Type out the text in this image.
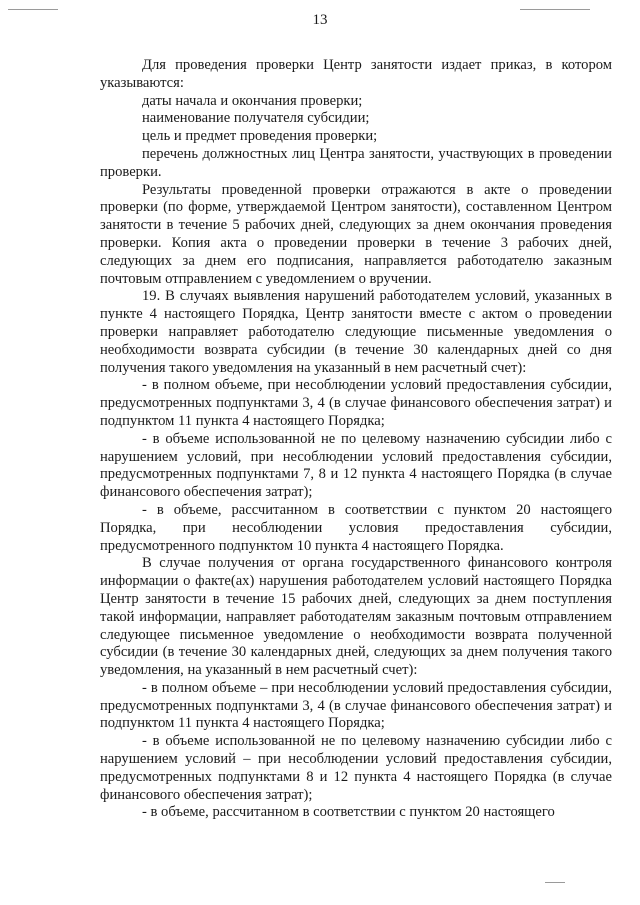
13

Для проведения проверки Центр занятости издает приказ, в котором указываются:

даты начала и окончания проверки;

наименование получателя субсидии;

цель и предмет проведения проверки;

перечень должностных лиц Центра занятости, участвующих в проведении проверки.

Результаты проведенной проверки отражаются в акте о проведении проверки (по форме, утверждаемой Центром занятости), составленном Центром занятости в течение 5 рабочих дней, следующих за днем окончания проведения проверки. Копия акта о проведении проверки в течение 3 рабочих дней, следующих за днем его подписания, направляется работодателю заказным почтовым отправлением с уведомлением о вручении.

19. В случаях выявления нарушений работодателем условий, указанных в пункте 4 настоящего Порядка, Центр занятости вместе с актом о проведении проверки направляет работодателю следующие письменные уведомления о необходимости возврата субсидии (в течение 30 календарных дней со дня получения такого уведомления на указанный в нем расчетный счет):

- в полном объеме, при несоблюдении условий предоставления субсидии, предусмотренных подпунктами 3, 4 (в случае финансового обеспечения затрат) и подпунктом 11 пункта 4 настоящего Порядка;

- в объеме использованной не по целевому назначению субсидии либо с нарушением условий, при несоблюдении условий предоставления субсидии, предусмотренных подпунктами 7, 8 и 12 пункта 4 настоящего Порядка (в случае финансового обеспечения затрат);

- в объеме, рассчитанном в соответствии с пунктом 20 настоящего Порядка, при несоблюдении условия предоставления субсидии, предусмотренного подпунктом 10 пункта 4 настоящего Порядка.

В случае получения от органа государственного финансового контроля информации о факте(ах) нарушения работодателем условий настоящего Порядка Центр занятости в течение 15 рабочих дней, следующих за днем поступления такой информации, направляет работодателям заказным почтовым отправлением следующее письменное уведомление о необходимости возврата полученной субсидии (в течение 30 календарных дней, следующих за днем получения такого уведомления, на указанный в нем расчетный счет):

- в полном объеме – при несоблюдении условий предоставления субсидии, предусмотренных подпунктами 3, 4 (в случае финансового обеспечения затрат) и подпунктом 11 пункта 4 настоящего Порядка;

- в объеме использованной не по целевому назначению субсидии либо с нарушением условий – при несоблюдении условий предоставления субсидии, предусмотренных подпунктами 8 и 12 пункта 4 настоящего Порядка (в случае финансового обеспечения затрат);

- в объеме, рассчитанном в соответствии с пунктом 20 настоящего
